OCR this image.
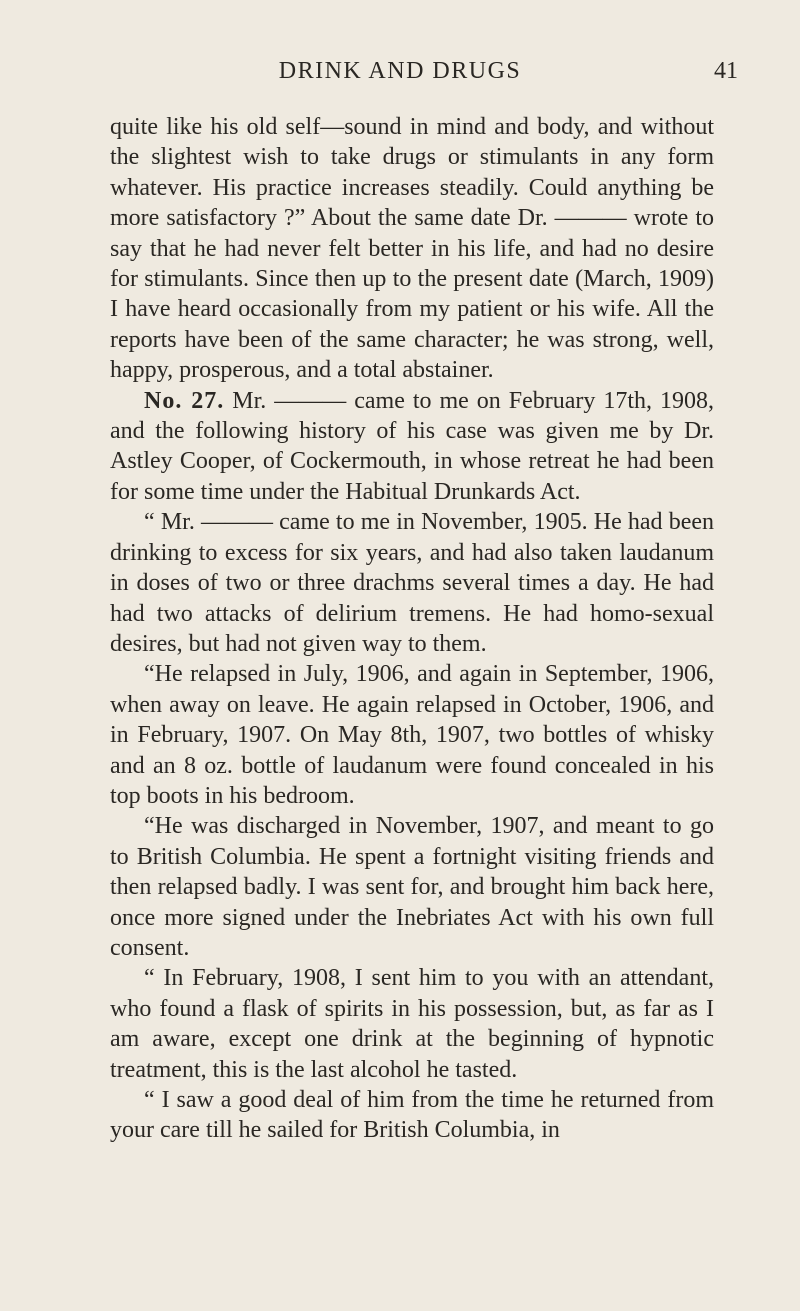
DRINK AND DRUGS	41

quite like his old self—sound in mind and body, and without the slightest wish to take drugs or stimulants in any form whatever. His practice increases steadily. Could anything be more satisfactory ?” About the same date Dr. ——— wrote to say that he had never felt better in his life, and had no desire for stimulants. Since then up to the present date (March, 1909) I have heard occasionally from my patient or his wife. All the reports have been of the same character; he was strong, well, happy, prosperous, and a total abstainer.

No. 27. Mr. ——— came to me on February 17th, 1908, and the following history of his case was given me by Dr. Astley Cooper, of Cockermouth, in whose retreat he had been for some time under the Habitual Drunkards Act.

“ Mr. ——— came to me in November, 1905. He had been drinking to excess for six years, and had also taken laudanum in doses of two or three drachms several times a day. He had had two attacks of delirium tremens. He had homo-sexual desires, but had not given way to them.

“He relapsed in July, 1906, and again in September, 1906, when away on leave. He again relapsed in October, 1906, and in February, 1907. On May 8th, 1907, two bottles of whisky and an 8 oz. bottle of laudanum were found concealed in his top boots in his bedroom.

“He was discharged in November, 1907, and meant to go to British Columbia. He spent a fortnight visiting friends and then relapsed badly. I was sent for, and brought him back here, once more signed under the Inebriates Act with his own full consent.

“ In February, 1908, I sent him to you with an attendant, who found a flask of spirits in his possession, but, as far as I am aware, except one drink at the beginning of hypnotic treatment, this is the last alcohol he tasted.

“ I saw a good deal of him from the time he returned from your care till he sailed for British Columbia, in
